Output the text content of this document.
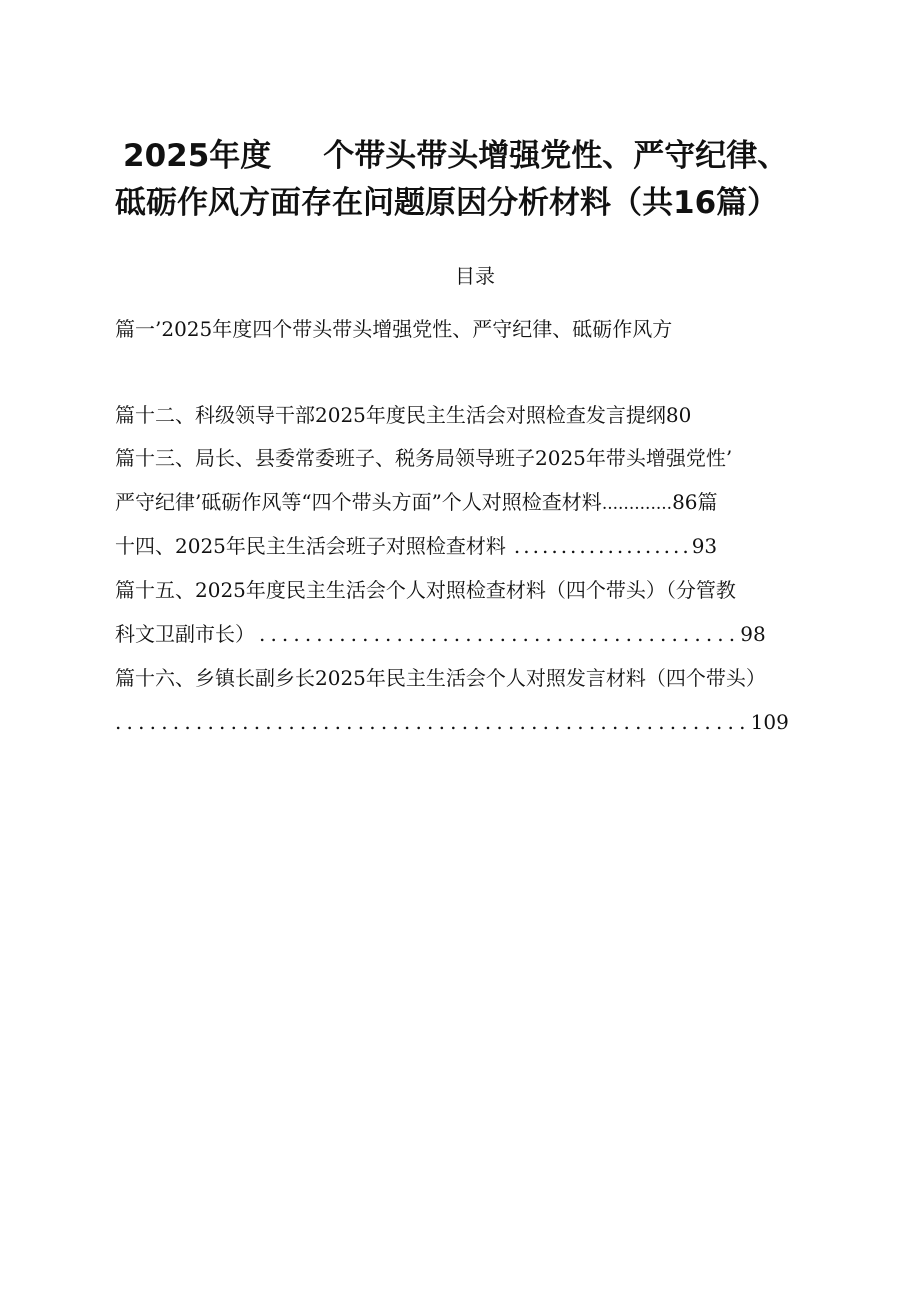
2025年度 个带头带头增强党性、严守纪律、
砥砺作风方面存在问题原因分析材料（共16篇）
目录
篇一’2025年度四个带头带头增强党性、严守纪律、砥砺作风方
篇十二、科级领导干部2025年度民主生活会对照检查发言提纲80
篇十三、局长、县委常委班子、税务局领导班子2025年带头增强党性’
严守纪律’砥砺作风等“四个带头方面”个人对照检查材料.............86篇
十四、2025年民主生活会班子对照检查材料 ...................93
篇十五、2025年度民主生活会个人对照检查材料（四个带头）（分管教
科文卫副市长） ..........................................98
篇十六、乡镇长副乡长2025年民主生活会个人对照发言材料（四个带头）
.......................................................109
